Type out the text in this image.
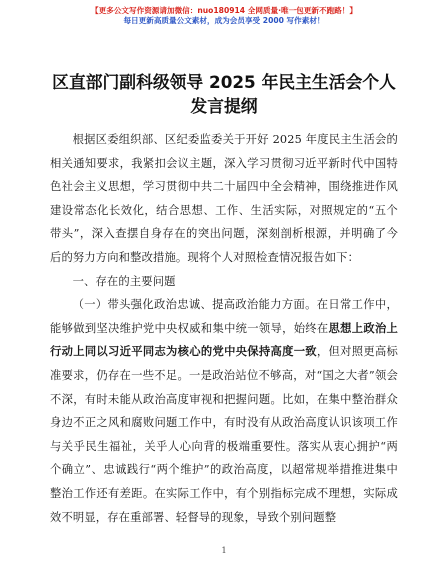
【更多公文写作资源请加微信：nuo180914 全网质量·唯一包更新不跑路！】
每日更新高质量公文素材，成为会员享受 2000 写作素材！
区直部门副科级领导 2025 年民主生活会个人发言提纲

根据区委组织部、区纪委监委关于开好 2025 年度民主生活会的相关通知要求，我紧扣会议主题，深入学习贯彻习近平新时代中国特色社会主义思想，学习贯彻中共二十届四中全会精神，围绕推进作风建设常态化长效化，结合思想、工作、生活实际，对照规定的“五个带头”，深入查摆自身存在的突出问题，深刻剖析根源，并明确了今后的努力方向和整改措施。现将个人对照检查情况报告如下：

一、存在的主要问题

（一）带头强化政治忠诚、提高政治能力方面。在日常工作中，能够做到坚决维护党中央权威和集中统一领导，始终在思想上政治上行动上同以习近平同志为核心的党中央保持高度一致，但对照更高标准要求，仍存在一些不足。一是政治站位不够高，对“国之大者”领会不深，有时未能从政治高度审视和把握问题。比如，在集中整治群众身边不正之风和腐败问题工作中，有时没有从政治高度认识该项工作与关乎民生福祉，关乎人心向背的极端重要性。落实从衷心拥护“两个确立”、忠诚践行“两个维护”的政治高度，以超常规举措推进集中整治工作还有差距。在实际工作中，有个别指标完成不理想，实际成效不明显，存在重部署、轻督导的现象，导致个别问题整

1
